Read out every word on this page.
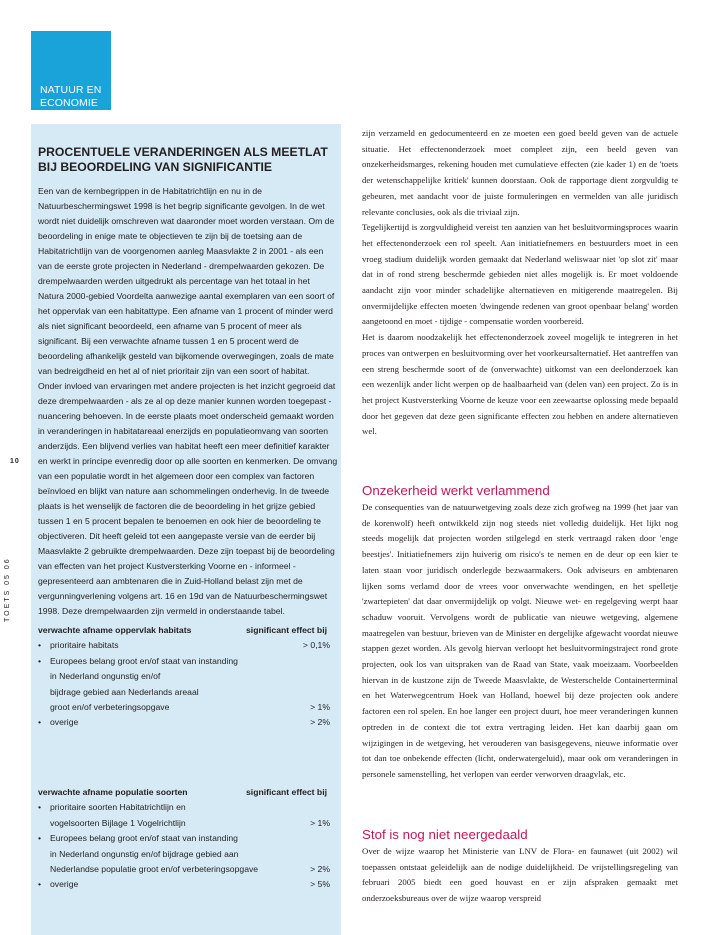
NATUUR EN
ECONOMIE
10
TOETS 05 06
PROCENTUELE VERANDERINGEN ALS MEETLAT
BIJ BEOORDELING VAN SIGNIFICANTIE

Een van de kernbegrippen in de Habitatrichtlijn en nu in de Natuurbeschermingswet 1998 is het begrip significante gevolgen. In de wet wordt niet duidelijk omschreven wat daaronder moet worden verstaan. Om de beoordeling in enige mate te objectieven te zijn bij de toetsing aan de Habitatrichtlijn van de voorgenomen aanleg Maasvlakte 2 in 2001 - als een van de eerste grote projecten in Nederland - drempelwaarden gekozen. De drempelwaarden werden uitgedrukt als percentage van het totaal in het Natura 2000-gebied Voordelta aanwezige aantal exemplaren van een soort of het oppervlak van een habitattype. Een afname van 1 procent of minder werd als niet significant beoordeeld, een afname van 5 procent of meer als significant. Bij een verwachte afname tussen 1 en 5 procent werd de beoordeling afhankelijk gesteld van bijkomende overwegingen, zoals de mate van bedreigdheid en het al of niet prioritair zijn van een soort of habitat.

Onder invloed van ervaringen met andere projecten is het inzicht gegroeid dat deze drempelwaarden - als ze al op deze manier kunnen worden toegepast - nuancering behoeven. In de eerste plaats moet onderscheid gemaakt worden in veranderingen in habitatareaal enerzijds en populatieomvang van soorten anderzijds. Een blijvend verlies van habitat heeft een meer definitief karakter en werkt in principe evenredig door op alle soorten en kenmerken. De omvang van een populatie wordt in het algemeen door een complex van factoren beïnvloed en blijkt van nature aan schommelingen onderhevig. In de tweede plaats is het wenselijk de factoren die de beoordeling in het grijze gebied tussen 1 en 5 procent bepalen te benoemen en ook hier de beoordeling te objectiveren. Dit heeft geleid tot een aangepaste versie van de eerder bij Maasvlakte 2 gebruikte drempelwaarden. Deze zijn toepast bij de beoordeling van effecten van het project Kustversterking Voorne en - informeel - gepresenteerd aan ambtenaren die in Zuid-Holland belast zijn met de vergunningverlening volgens art. 16 en 19d van de Natuurbeschermingswet 1998. Deze drempelwaarden zijn vermeld in onderstaande tabel.

verwachte afname oppervlak habitats	significant effect bij
• prioritaire habitats	> 0,1%
• Europees belang groot en/of staat van instanding
in Nederland ongunstig en/of
bijdrage gebied aan Nederlands areaal
groot en/of verbeteringsopgave	> 1%
• overige	> 2%
verwachte afname populatie soorten	significant effect bij
• prioritaire soorten Habitatrichtlijn en
vogelsoorten Bijlage 1 Vogelrichtlijn	> 1%
• Europees belang groot en/of staat van instanding
in Nederland ongunstig en/of bijdrage gebied aan
Nederlandse populatie groot en/of verbeteringsopgave	> 2%
• overige	> 5%

zijn verzameld en gedocumenteerd en ze moeten een goed beeld geven van de actuele situatie. Het effectenonderzoek moet compleet zijn, een beeld geven van onzekerheidsmarges, rekening houden met cumulatieve effecten (zie kader 1) en de 'toets der wetenschappelijke kritiek' kunnen doorstaan. Ook de rapportage dient zorgvuldig te gebeuren, met aandacht voor de juiste formuleringen en vermelden van alle juridisch relevante conclusies, ook als die triviaal zijn.

Tegelijkertijd is zorgvuldigheid vereist ten aanzien van het besluitvormingsproces waarin het effectenonderzoek een rol speelt. Aan initiatiefnemers en bestuurders moet in een vroeg stadium duidelijk worden gemaakt dat Nederland weliswaar niet 'op slot zit' maar dat in of rond streng beschermde gebieden niet alles mogelijk is. Er moet voldoende aandacht zijn voor minder schadelijke alternatieven en mitigerende maatregelen. Bij onvermijdelijke effecten moeten 'dwingende redenen van groot openbaar belang' worden aangetoond en moet - tijdige - compensatie worden voorbereid.

Het is daarom noodzakelijk het effectenonderzoek zoveel mogelijk te integreren in het proces van ontwerpen en besluitvorming over het voorkeursalternatief. Het aantreffen van een streng beschermde soort of de (onverwachte) uitkomst van een deelonderzoek kan een wezenlijk ander licht werpen op de haalbaarheid van (delen van) een project. Zo is in het project Kustversterking Voorne de keuze voor een zeewaartse oplossing mede bepaald door het gegeven dat deze geen significante effecten zou hebben en andere alternatieven wel.

Onzekerheid werkt verlammend

De consequenties van de natuurwetgeving zoals deze zich grofweg na 1999 (het jaar van de korenwolf) heeft ontwikkeld zijn nog steeds niet volledig duidelijk. Het lijkt nog steeds mogelijk dat projecten worden stilgelegd en sterk vertraagd raken door 'enge beestjes'. Initiatiefnemers zijn huiverig om risico's te nemen en de deur op een kier te laten staan voor juridisch onderlegde bezwaarmakers. Ook adviseurs en ambtenaren lijken soms verlamd door de vrees voor onverwachte wendingen, en het spelletje 'zwartepieten' dat daar onvermijdelijk op volgt. Nieuwe wet- en regelgeving werpt haar schaduw vooruit. Vervolgens wordt de publicatie van nieuwe wetgeving, algemene maatregelen van bestuur, brieven van de Minister en dergelijke afgewacht voordat nieuwe stappen gezet worden. Als gevolg hiervan verloopt het besluitvormingstraject rond grote projecten, ook los van uitspraken van de Raad van State, vaak moeizaam. Voorbeelden hiervan in de kustzone zijn de Tweede Maasvlakte, de Westerschelde Containerterminal en het Waterwegcentrum Hoek van Holland, hoewel bij deze projecten ook andere factoren een rol spelen. En hoe langer een project duurt, hoe meer veranderingen kunnen optreden in de context die tot extra vertraging leiden. Het kan daarbij gaan om wijzigingen in de wetgeving, het verouderen van basisgegevens, nieuwe informatie over tot dan toe onbekende effecten (licht, onderwatergeluid), maar ook om veranderingen in personele samenstelling, het verlopen van eerder verworven draagvlak, etc.

Stof is nog niet neergedaald

Over de wijze waarop het Ministerie van LNV de Flora- en faunawet (uit 2002) wil toepassen ontstaat geleidelijk aan de nodige duidelijkheid. De vrijstellingsregeling van februari 2005 biedt een goed houvast en er zijn afspraken gemaakt met onderzoeksbureaus over de wijze waarop verspreid
